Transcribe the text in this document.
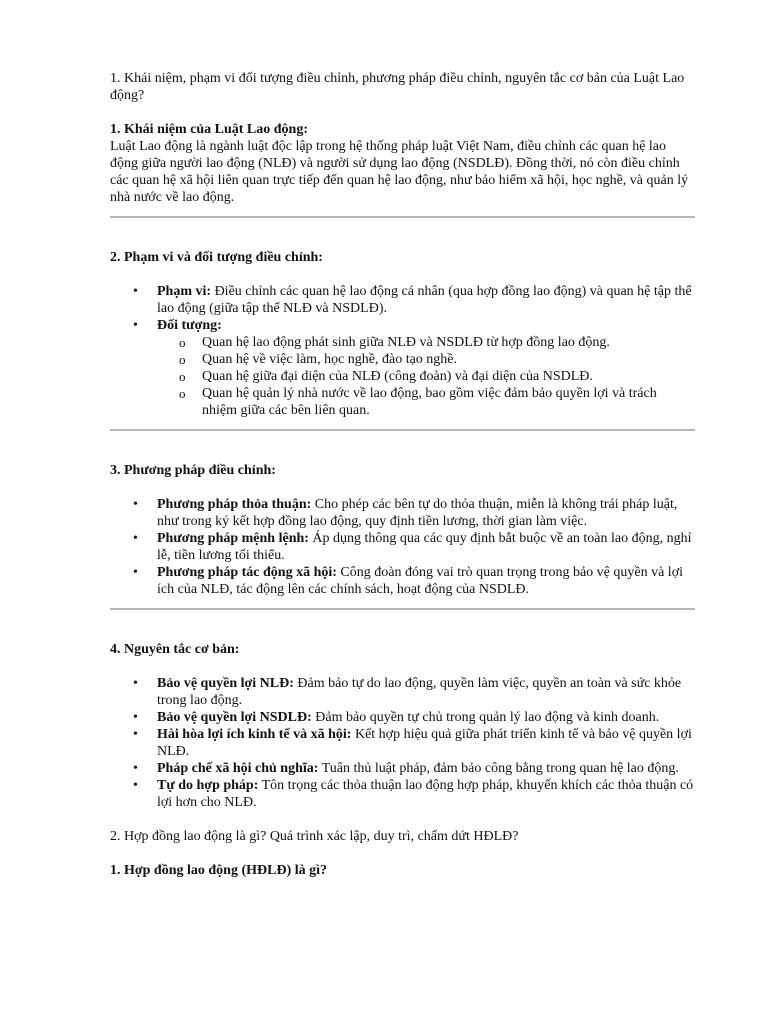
1. Khái niệm, phạm vi đối tượng điều chỉnh, phương pháp điều chỉnh, nguyên tắc cơ bản của Luật Lao động?

1. Khái niệm của Luật Lao động:

Luật Lao động là ngành luật độc lập trong hệ thống pháp luật Việt Nam, điều chỉnh các quan hệ lao động giữa người lao động (NLĐ) và người sử dụng lao động (NSDLĐ). Đồng thời, nó còn điều chỉnh các quan hệ xã hội liên quan trực tiếp đến quan hệ lao động, như bảo hiểm xã hội, học nghề, và quản lý nhà nước về lao động.

2. Phạm vi và đối tượng điều chỉnh:

• Phạm vi: Điều chỉnh các quan hệ lao động cá nhân (qua hợp đồng lao động) và quan hệ tập thể lao động (giữa tập thể NLĐ và NSDLĐ).
• Đối tượng:
o Quan hệ lao động phát sinh giữa NLĐ và NSDLĐ từ hợp đồng lao động.
o Quan hệ về việc làm, học nghề, đào tạo nghề.
o Quan hệ giữa đại diện của NLĐ (công đoàn) và đại diện của NSDLĐ.
o Quan hệ quản lý nhà nước về lao động, bao gồm việc đảm bảo quyền lợi và trách nhiệm giữa các bên liên quan.

3. Phương pháp điều chỉnh:

• Phương pháp thỏa thuận: Cho phép các bên tự do thỏa thuận, miễn là không trái pháp luật, như trong ký kết hợp đồng lao động, quy định tiền lương, thời gian làm việc.
• Phương pháp mệnh lệnh: Áp dụng thông qua các quy định bắt buộc về an toàn lao động, nghỉ lễ, tiền lương tối thiểu.
• Phương pháp tác động xã hội: Công đoàn đóng vai trò quan trọng trong bảo vệ quyền và lợi ích của NLĐ, tác động lên các chính sách, hoạt động của NSDLĐ.

4. Nguyên tắc cơ bản:

• Bảo vệ quyền lợi NLĐ: Đảm bảo tự do lao động, quyền làm việc, quyền an toàn và sức khỏe trong lao động.
• Bảo vệ quyền lợi NSDLĐ: Đảm bảo quyền tự chủ trong quản lý lao động và kinh doanh.
• Hài hòa lợi ích kinh tế và xã hội: Kết hợp hiệu quả giữa phát triển kinh tế và bảo vệ quyền lợi NLĐ.
• Pháp chế xã hội chủ nghĩa: Tuân thủ luật pháp, đảm bảo công bằng trong quan hệ lao động.
• Tự do hợp pháp: Tôn trọng các thỏa thuận lao động hợp pháp, khuyến khích các thỏa thuận có lợi hơn cho NLĐ.

2. Hợp đồng lao động là gì? Quá trình xác lập, duy trì, chấm dứt HĐLĐ?

1. Hợp đồng lao động (HĐLĐ) là gì?
